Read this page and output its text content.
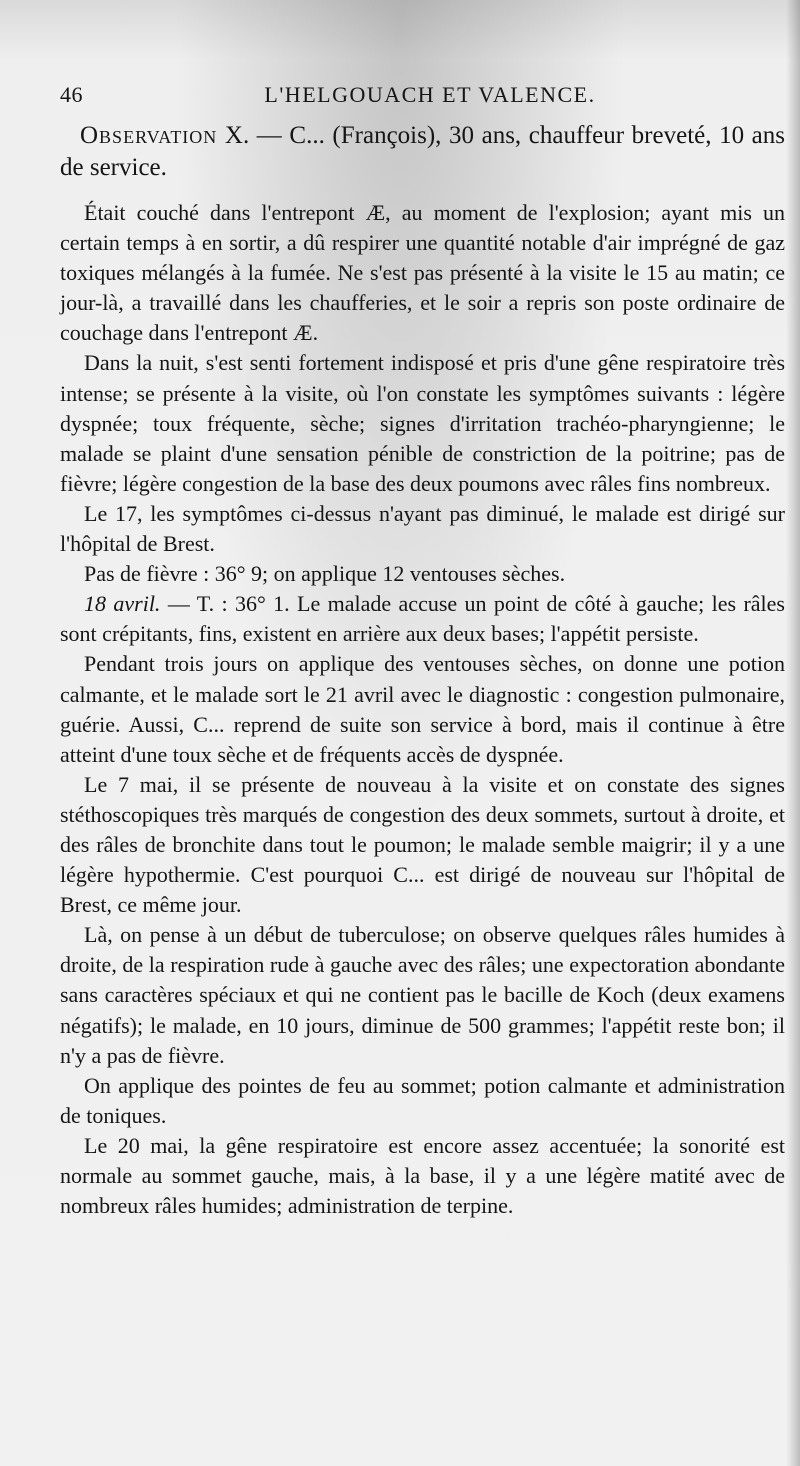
46	L'HELGOUACH ET VALENCE.

Observation X. — C... (François), 30 ans, chauffeur breveté, 10 ans de service.

Était couché dans l'entrepont Æ, au moment de l'explosion; ayant mis un certain temps à en sortir, a dû respirer une quantité notable d'air imprégné de gaz toxiques mélangés à la fumée. Ne s'est pas présenté à la visite le 15 au matin; ce jour-là, a travaillé dans les chaufferies, et le soir a repris son poste ordinaire de couchage dans l'entrepont Æ.

Dans la nuit, s'est senti fortement indisposé et pris d'une gêne respiratoire très intense; se présente à la visite, où l'on constate les symptômes suivants : légère dyspnée; toux fréquente, sèche; signes d'irritation trachéo-pharyngienne; le malade se plaint d'une sensation pénible de constriction de la poitrine; pas de fièvre; légère congestion de la base des deux poumons avec râles fins nombreux.

Le 17, les symptômes ci-dessus n'ayant pas diminué, le malade est dirigé sur l'hôpital de Brest.

Pas de fièvre : 36° 9; on applique 12 ventouses sèches.

18 avril. — T. : 36° 1. Le malade accuse un point de côté à gauche; les râles sont crépitants, fins, existent en arrière aux deux bases; l'appétit persiste.

Pendant trois jours on applique des ventouses sèches, on donne une potion calmante, et le malade sort le 21 avril avec le diagnostic : congestion pulmonaire, guérie. Aussi, C... reprend de suite son service à bord, mais il continue à être atteint d'une toux sèche et de fréquents accès de dyspnée.

Le 7 mai, il se présente de nouveau à la visite et on constate des signes stéthoscopiques très marqués de congestion des deux sommets, surtout à droite, et des râles de bronchite dans tout le poumon; le malade semble maigrir; il y a une légère hypothermie. C'est pourquoi C... est dirigé de nouveau sur l'hôpital de Brest, ce même jour.

Là, on pense à un début de tuberculose; on observe quelques râles humides à droite, de la respiration rude à gauche avec des râles; une expectoration abondante sans caractères spéciaux et qui ne contient pas le bacille de Koch (deux examens négatifs); le malade, en 10 jours, diminue de 500 grammes; l'appétit reste bon; il n'y a pas de fièvre.

On applique des pointes de feu au sommet; potion calmante et administration de toniques.

Le 20 mai, la gêne respiratoire est encore assez accentuée; la sonorité est normale au sommet gauche, mais, à la base, il y a une légère matité avec de nombreux râles humides; administration de terpine.
